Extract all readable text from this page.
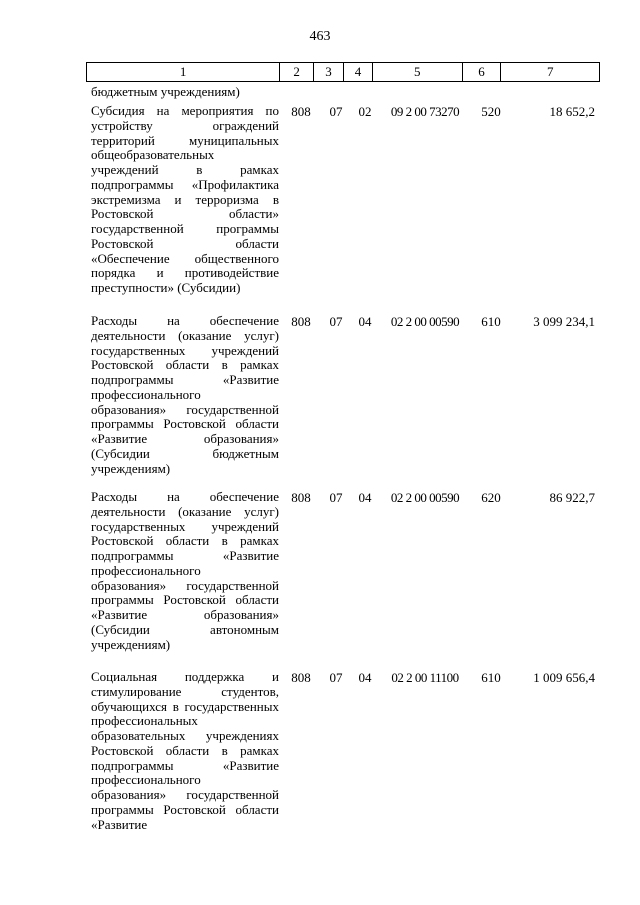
463
1	2	3	4	5	6	7
бюджетным учреждениям)
Субсидия на мероприятия по устройству ограждений территорий муниципальных общеобразовательных учреждений в рамках подпрограммы «Профилактика экстремизма и терроризма в Ростовской области» государственной программы Ростовской области «Обеспечение общественного порядка и противодействие преступности» (Субсидии)
808	07	02	09 2 00 73270	520	18 652,2
Расходы на обеспечение деятельности (оказание услуг) государственных учреждений Ростовской области в рамках подпрограммы «Развитие профессионального образования» государственной программы Ростовской области «Развитие образования» (Субсидии бюджетным учреждениям)
808	07	04	02 2 00 00590	610	3 099 234,1
Расходы на обеспечение деятельности (оказание услуг) государственных учреждений Ростовской области в рамках подпрограммы «Развитие профессионального образования» государственной программы Ростовской области «Развитие образования» (Субсидии автономным учреждениям)
808	07	04	02 2 00 00590	620	86 922,7
Социальная поддержка и стимулирование студентов, обучающихся в государственных профессиональных образовательных учреждениях Ростовской области в рамках подпрограммы «Развитие профессионального образования» государственной программы Ростовской области «Развитие
808	07	04	02 2 00 11100	610	1 009 656,4
